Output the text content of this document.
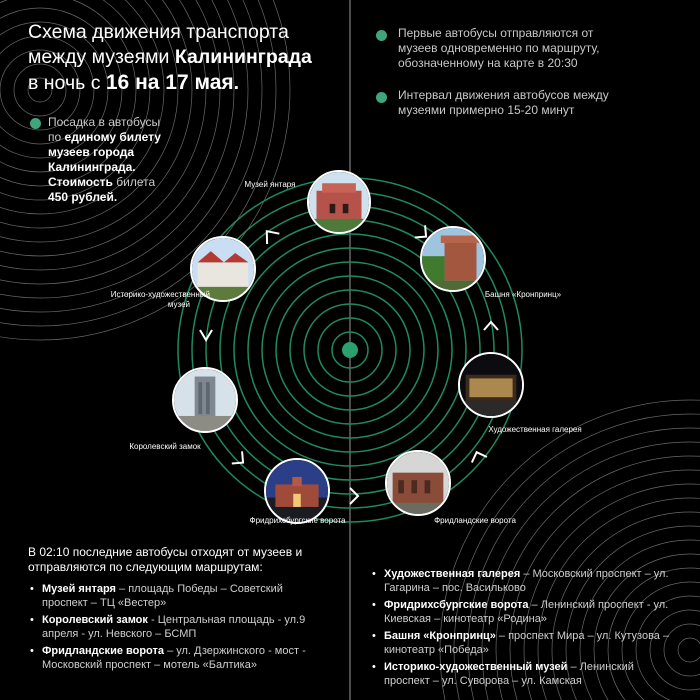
Схема движения транспорта
между музеями Калининграда
в ночь с 16 на 17 мая.
Посадка в автобусы
по единому билету
музеев города
Калининграда.
Стоимость билета
450 рублей.
Первые автобусы отправляются от музеев одновременно по маршруту, обозначенному на карте в 20:30
Интервал движения автобусов между музеями примерно 15-20 минут
Музей янтаря
Историко-художественный
музей
Королевский замок
Фридрихсбургские ворота	Фридландские ворота
Художественная галерея
Башня «Кронпринц»
В 02:10 последние автобусы отходят от музеев и отправляются по следующим маршрутам:
• Музей янтаря – площадь Победы – Советский проспект – ТЦ «Вестер»
• Королевский замок - Центральная площадь - ул.9 апреля - ул. Невского – БСМП
• Фридландские ворота – ул. Дзержинского - мост - Московский проспект – мотель «Балтика»
• Художественная галерея – Московский проспект – ул. Гагарина – пос. Васильково
• Фридрихсбургские ворота – Ленинский проспект - ул. Киевская – кинотеатр «Родина»
• Башня «Кронпринц» – проспект Мира – ул. Кутузова – кинотеатр «Победа»
• Историко-художественный музей – Ленинский проспект – ул. Суворова – ул. Камская
